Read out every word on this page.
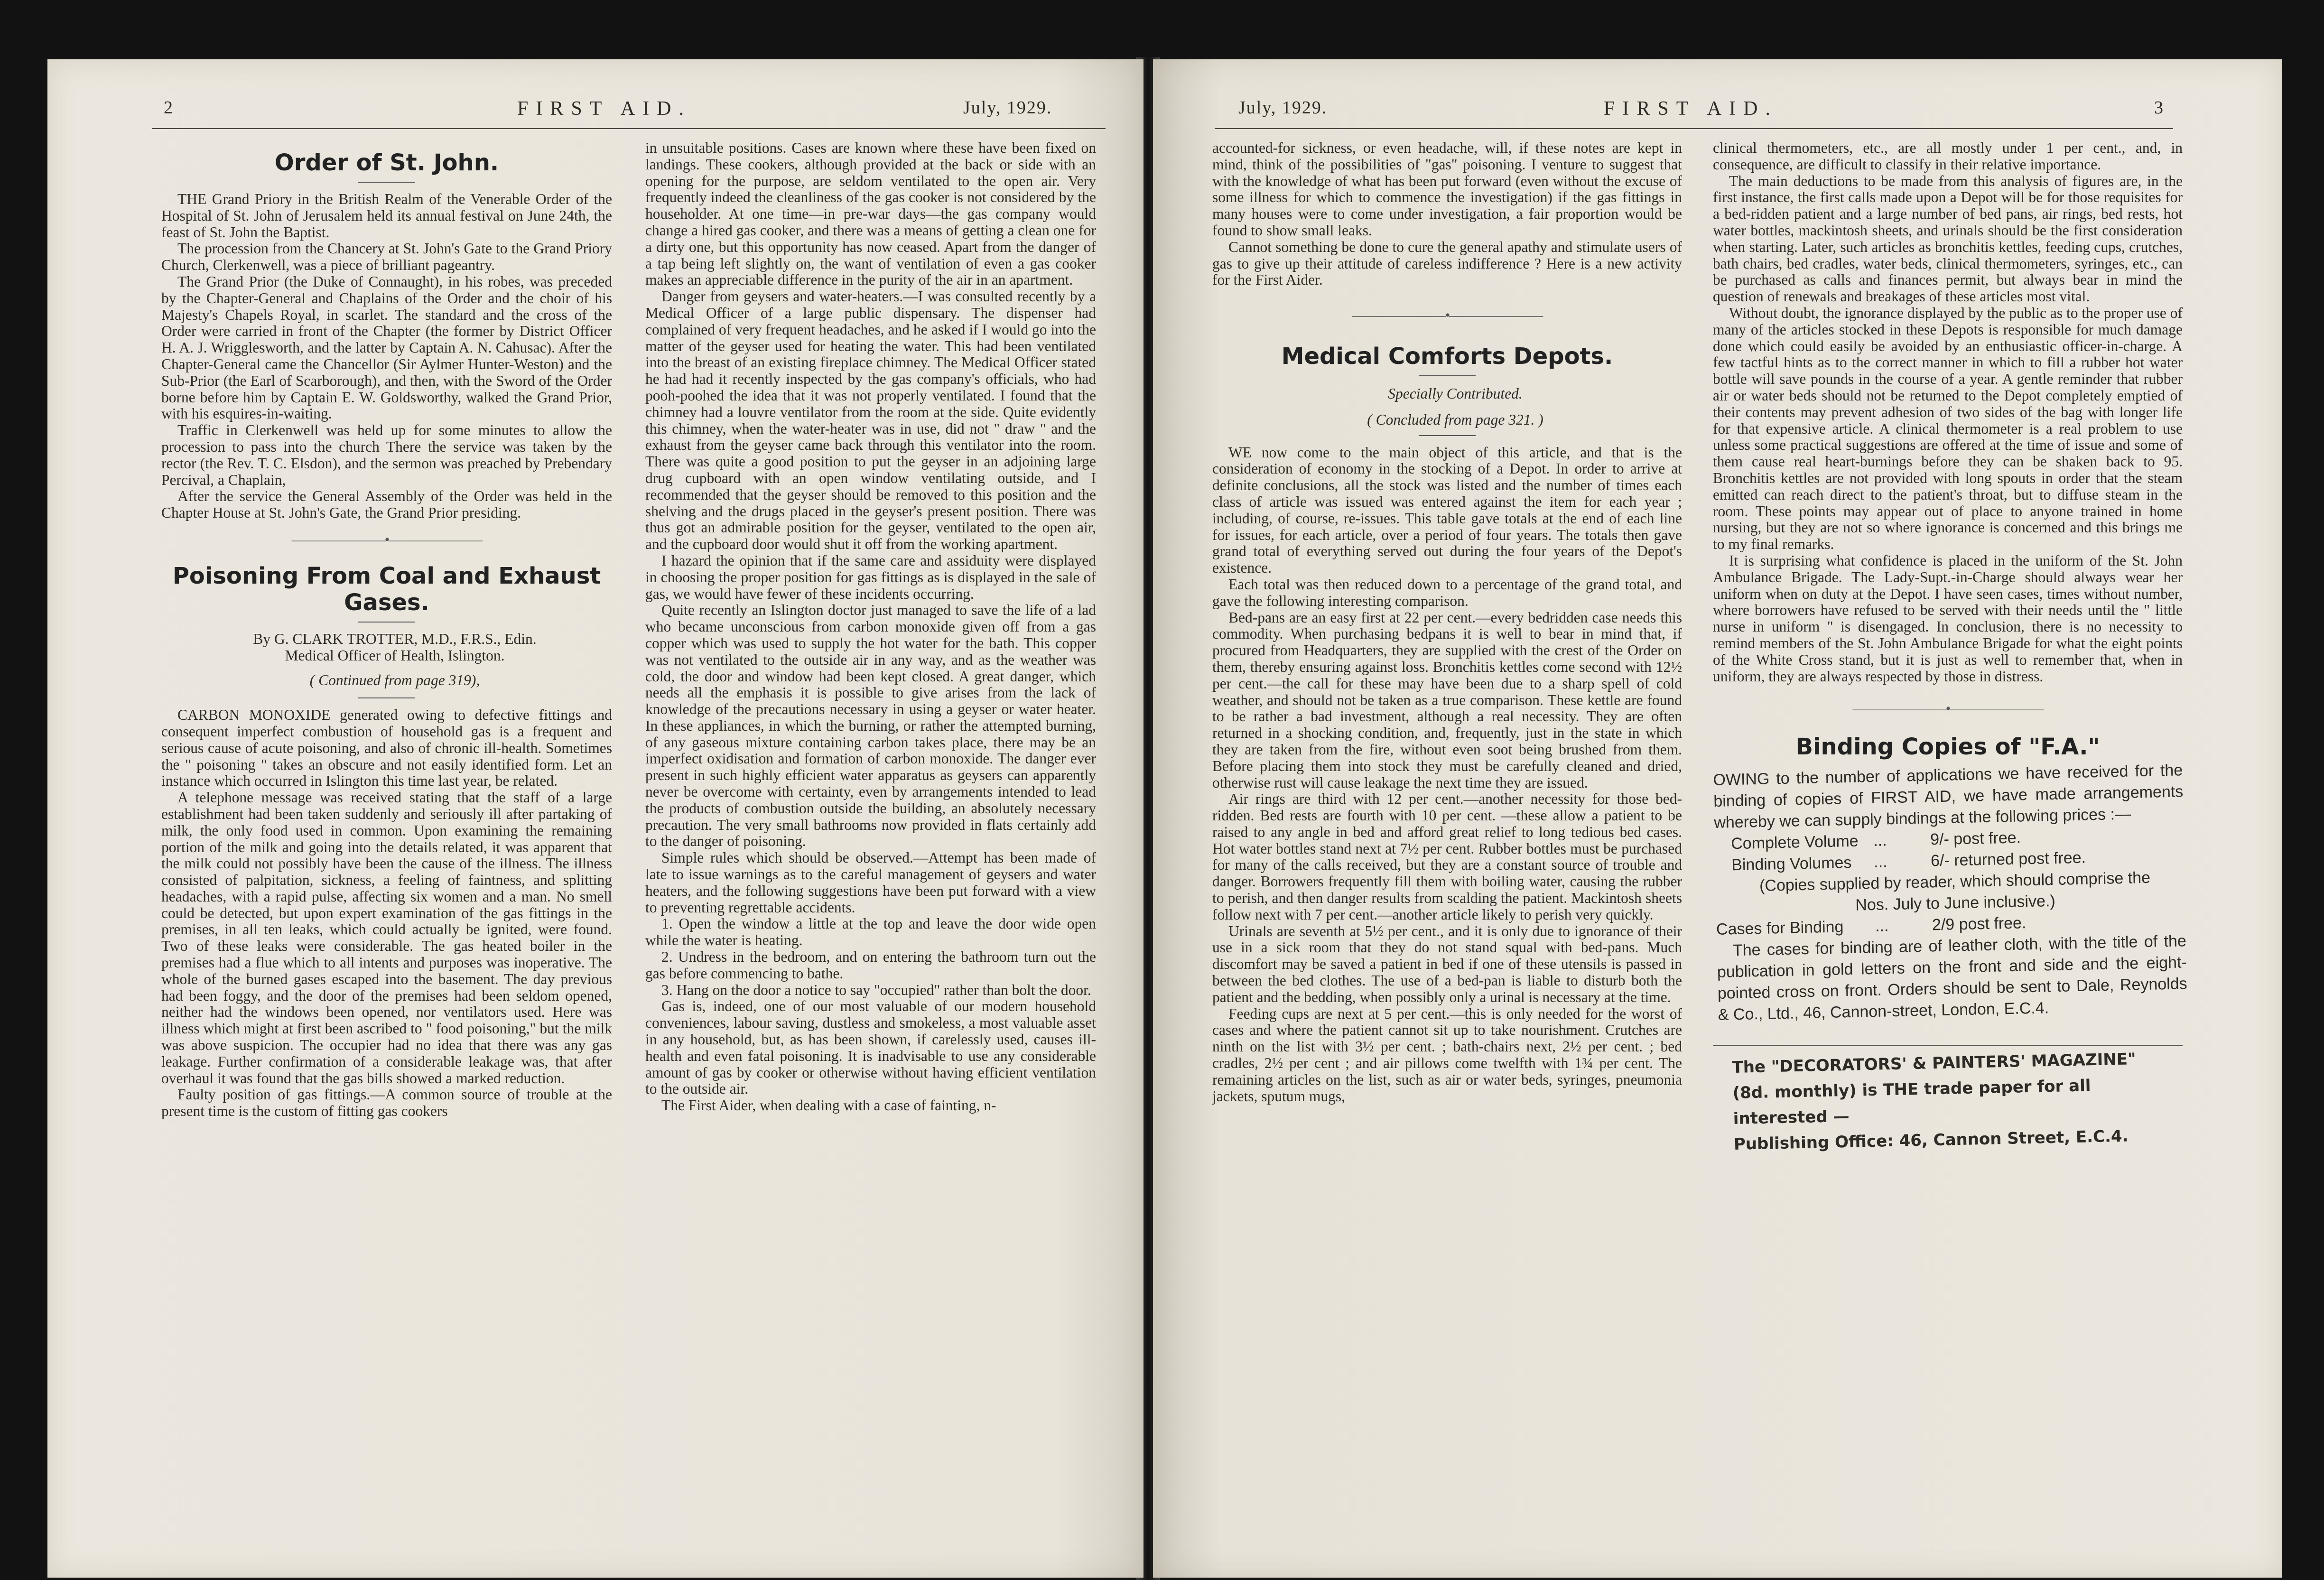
2	FIRST AID.	July, 1929.
Order of St. John.

THE Grand Priory in the British Realm of the Venerable Order of the Hospital of St. John of Jerusalem held its annual festival on June 24th, the feast of St. John the Baptist.

The procession from the Chancery at St. John's Gate to the Grand Priory Church, Clerkenwell, was a piece of brilliant pageantry.

The Grand Prior (the Duke of Connaught), in his robes, was preceded by the Chapter-General and Chaplains of the Order and the choir of his Majesty's Chapels Royal, in scarlet. The standard and the cross of the Order were carried in front of the Chapter (the former by District Officer H. A. J. Wrigglesworth, and the latter by Captain A. N. Cahusac). After the Chapter-General came the Chancellor (Sir Aylmer Hunter-Weston) and the Sub-Prior (the Earl of Scarborough), and then, with the Sword of the Order borne before him by Captain E. W. Goldsworthy, walked the Grand Prior, with his esquires-in-waiting.

Traffic in Clerkenwell was held up for some minutes to allow the procession to pass into the church There the service was taken by the rector (the Rev. T. C. Elsdon), and the sermon was preached by Prebendary Percival, a Chaplain,

After the service the General Assembly of the Order was held in the Chapter House at St. John's Gate, the Grand Prior presiding.

———————•———————
Poisoning From Coal and Exhaust Gases.

By G. CLARK TROTTER, M.D., F.R.S., Edin.

Medical Officer of Health, Islington.

( Continued from page 319),

CARBON MONOXIDE generated owing to defective fittings and consequent imperfect combustion of household gas is a frequent and serious cause of acute poisoning, and also of chronic ill-health. Sometimes the " poisoning " takes an obscure and not easily identified form. Let an instance which occurred in Islington this time last year, be related.

A telephone message was received stating that the staff of a large establishment had been taken suddenly and seriously ill after partaking of milk, the only food used in common. Upon examining the remaining portion of the milk and going into the details related, it was apparent that the milk could not possibly have been the cause of the illness. The illness consisted of palpitation, sickness, a feeling of faintness, and splitting headaches, with a rapid pulse, affecting six women and a man. No smell could be detected, but upon expert examination of the gas fittings in the premises, in all ten leaks, which could actually be ignited, were found. Two of these leaks were considerable. The gas heated boiler in the premises had a flue which to all intents and purposes was inoperative. The whole of the burned gases escaped into the basement. The day previous had been foggy, and the door of the premises had been seldom opened, neither had the windows been opened, nor ventilators used. Here was illness which might at first been ascribed to " food poisoning," but the milk was above suspicion. The occupier had no idea that there was any gas leakage. Further confirmation of a considerable leakage was, that after overhaul it was found that the gas bills showed a marked reduction.

Faulty position of gas fittings.—A common source of trouble at the present time is the custom of fitting gas cookers

in unsuitable positions. Cases are known where these have been fixed on landings. These cookers, although provided at the back or side with an opening for the purpose, are seldom ventilated to the open air. Very frequently indeed the cleanliness of the gas cooker is not considered by the householder. At one time—in pre-war days—the gas company would change a hired gas cooker, and there was a means of getting a clean one for a dirty one, but this opportunity has now ceased. Apart from the danger of a tap being left slightly on, the want of ventilation of even a gas cooker makes an appreciable difference in the purity of the air in an apartment.

Danger from geysers and water-heaters.—I was consulted recently by a Medical Officer of a large public dispensary. The dispenser had complained of very frequent headaches, and he asked if I would go into the matter of the geyser used for heating the water. This had been ventilated into the breast of an existing fireplace chimney. The Medical Officer stated he had had it recently inspected by the gas company's officials, who had pooh-poohed the idea that it was not properly ventilated. I found that the chimney had a louvre ventilator from the room at the side. Quite evidently this chimney, when the water-heater was in use, did not " draw " and the exhaust from the geyser came back through this ventilator into the room. There was quite a good position to put the geyser in an adjoining large drug cupboard with an open window ventilating outside, and I recommended that the geyser should be removed to this position and the shelving and the drugs placed in the geyser's present position. There was thus got an admirable position for the geyser, ventilated to the open air, and the cupboard door would shut it off from the working apartment.

I hazard the opinion that if the same care and assiduity were displayed in choosing the proper position for gas fittings as is displayed in the sale of gas, we would have fewer of these incidents occurring.

Quite recently an Islington doctor just managed to save the life of a lad who became unconscious from carbon monoxide given off from a gas copper which was used to supply the hot water for the bath. This copper was not ventilated to the outside air in any way, and as the weather was cold, the door and window had been kept closed. A great danger, which needs all the emphasis it is possible to give arises from the lack of knowledge of the precautions necessary in using a geyser or water heater. In these appliances, in which the burning, or rather the attempted burning, of any gaseous mixture containing carbon takes place, there may be an imperfect oxidisation and formation of carbon monoxide. The danger ever present in such highly efficient water apparatus as geysers can apparently never be overcome with certainty, even by arrangements intended to lead the products of combustion outside the building, an absolutely necessary precaution. The very small bathrooms now provided in flats certainly add to the danger of poisoning.

Simple rules which should be observed.—Attempt has been made of late to issue warnings as to the careful management of geysers and water heaters, and the following suggestions have been put forward with a view to preventing regrettable accidents.

1. Open the window a little at the top and leave the door wide open while the water is heating.

2. Undress in the bedroom, and on entering the bathroom turn out the gas before commencing to bathe.

3. Hang on the door a notice to say "occupied" rather than bolt the door.

Gas is, indeed, one of our most valuable of our modern household conveniences, labour saving, dustless and smokeless, a most valuable asset in any household, but, as has been shown, if carelessly used, causes ill-health and even fatal poisoning. It is inadvisable to use any considerable amount of gas by cooker or otherwise without having efficient ventilation to the outside air.

The First Aider, when dealing with a case of fainting, n-

July, 1929.	FIRST AID.	3

accounted-for sickness, or even headache, will, if these notes are kept in mind, think of the possibilities of "gas" poisoning. I venture to suggest that with the knowledge of what has been put forward (even without the excuse of some illness for which to commence the investigation) if the gas fittings in many houses were to come under investigation, a fair proportion would be found to show small leaks.

Cannot something be done to cure the general apathy and stimulate users of gas to give up their attitude of careless indifference ? Here is a new activity for the First Aider.

———————•———————
Medical Comforts Depots.

Specially Contributed.

( Concluded from page 321. )

WE now come to the main object of this article, and that is the consideration of economy in the stocking of a Depot. In order to arrive at definite conclusions, all the stock was listed and the number of times each class of article was issued was entered against the item for each year ; including, of course, re-issues. This table gave totals at the end of each line for issues, for each article, over a period of four years. The totals then gave grand total of everything served out during the four years of the Depot's existence.

Each total was then reduced down to a percentage of the grand total, and gave the following interesting comparison.

Bed-pans are an easy first at 22 per cent.—every bedridden case needs this commodity. When purchasing bedpans it is well to bear in mind that, if procured from Headquarters, they are supplied with the crest of the Order on them, thereby ensuring against loss. Bronchitis kettles come second with 12½ per cent.—the call for these may have been due to a sharp spell of cold weather, and should not be taken as a true comparison. These kettle are found to be rather a bad investment, although a real necessity. They are often returned in a shocking condition, and, frequently, just in the state in which they are taken from the fire, without even soot being brushed from them. Before placing them into stock they must be carefully cleaned and dried, otherwise rust will cause leakage the next time they are issued.

Air rings are third with 12 per cent.—another necessity for those bed-ridden. Bed rests are fourth with 10 per cent. —these allow a patient to be raised to any angle in bed and afford great relief to long tedious bed cases. Hot water bottles stand next at 7½ per cent. Rubber bottles must be purchased for many of the calls received, but they are a constant source of trouble and danger. Borrowers frequently fill them with boiling water, causing the rubber to perish, and then danger results from scalding the patient. Mackintosh sheets follow next with 7 per cent.—another article likely to perish very quickly.

Urinals are seventh at 5½ per cent., and it is only due to ignorance of their use in a sick room that they do not stand squal with bed-pans. Much discomfort may be saved a patient in bed if one of these utensils is passed in between the bed clothes. The use of a bed-pan is liable to disturb both the patient and the bedding, when possibly only a urinal is necessary at the time.

Feeding cups are next at 5 per cent.—this is only needed for the worst of cases and where the patient cannot sit up to take nourishment. Crutches are ninth on the list with 3½ per cent. ; bath-chairs next, 2½ per cent. ; bed cradles, 2½ per cent ; and air pillows come twelfth with 1¾ per cent. The remaining articles on the list, such as air or water beds, syringes, pneumonia jackets, sputum mugs,

clinical thermometers, etc., are all mostly under 1 per cent., and, in consequence, are difficult to classify in their relative importance.

The main deductions to be made from this analysis of figures are, in the first instance, the first calls made upon a Depot will be for those requisites for a bed-ridden patient and a large number of bed pans, air rings, bed rests, hot water bottles, mackintosh sheets, and urinals should be the first consideration when starting. Later, such articles as bronchitis kettles, feeding cups, crutches, bath chairs, bed cradles, water beds, clinical thermometers, syringes, etc., can be purchased as calls and finances permit, but always bear in mind the question of renewals and breakages of these articles most vital.

Without doubt, the ignorance displayed by the public as to the proper use of many of the articles stocked in these Depots is responsible for much damage done which could easily be avoided by an enthusiastic officer-in-charge. A few tactful hints as to the correct manner in which to fill a rubber hot water bottle will save pounds in the course of a year. A gentle reminder that rubber air or water beds should not be returned to the Depot completely emptied of their contents may prevent adhesion of two sides of the bag with longer life for that expensive article. A clinical thermometer is a real problem to use unless some practical suggestions are offered at the time of issue and some of them cause real heart-burnings before they can be shaken back to 95. Bronchitis kettles are not provided with long spouts in order that the steam emitted can reach direct to the patient's throat, but to diffuse steam in the room. These points may appear out of place to anyone trained in home nursing, but they are not so where ignorance is concerned and this brings me to my final remarks.

It is surprising what confidence is placed in the uniform of the St. John Ambulance Brigade. The Lady-Supt.-in-Charge should always wear her uniform when on duty at the Depot. I have seen cases, times without number, where borrowers have refused to be served with their needs until the " little nurse in uniform " is disengaged. In conclusion, there is no necessity to remind members of the St. John Ambulance Brigade for what the eight points of the White Cross stand, but it is just as well to remember that, when in uniform, they are always respected by those in distress.

———————•———————
Binding Copies of "F.A."

OWING to the number of applications we have received for the binding of copies of FIRST AID, we have made arrangements whereby we can supply bindings at the following prices :—

Complete Volume ...	9/- post free.
Binding Volumes	...	6/- returned post free.

(Copies supplied by reader, which should comprise the Nos. July to June inclusive.)

Cases for Binding	...	2/9 post free.

The cases for binding are of leather cloth, with the title of the publication in gold letters on the front and side and the eight-pointed cross on front. Orders should be sent to Dale, Reynolds & Co., Ltd., 46, Cannon-street, London, E.C.4.

The "DECORATORS' & PAINTERS' MAGAZINE"
(8d. monthly) is THE trade paper for all interested —
Publishing Office: 46, Cannon Street, E.C.4.
